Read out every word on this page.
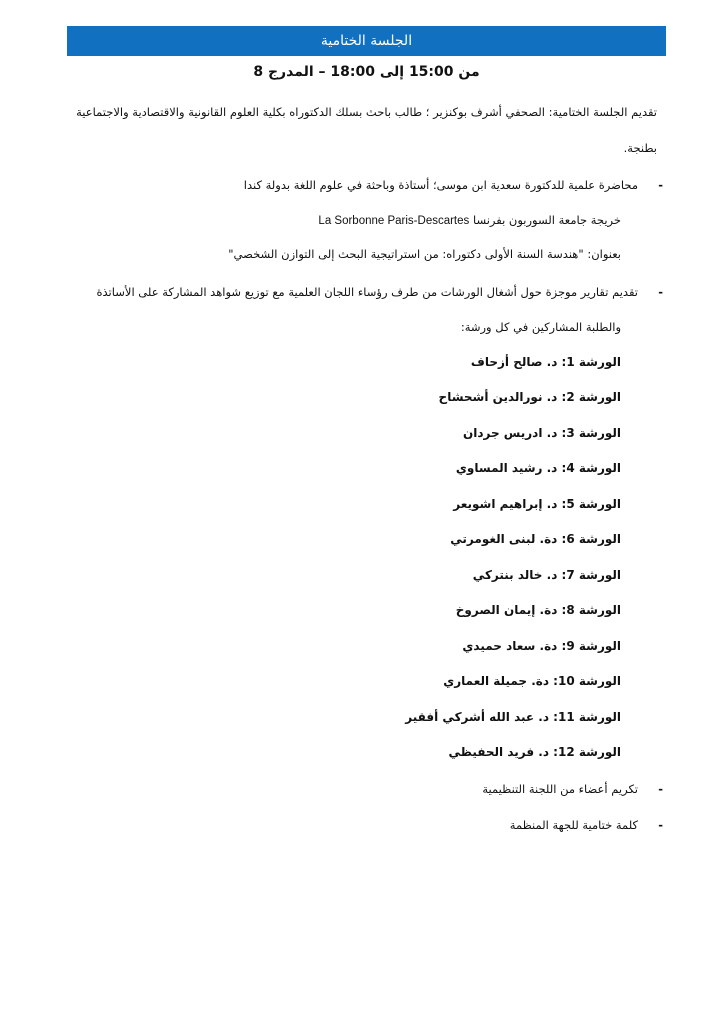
الجلسة الختامية
من 15:00 إلى 18:00 – المدرج 8
تقديم الجلسة الختامية: الصحفي أشرف بوكنزير ؛ طالب باحث بسلك الدكتوراه بكلية العلوم القانونية والاقتصادية والاجتماعية
بطنجة.
-
محاضرة علمية للدكتورة سعدية ابن موسى؛ أستاذة وباحثة في علوم اللغة بدولة كندا
خريجة جامعة السوربون بفرنسا La Sorbonne Paris-Descartes
بعنوان: "هندسة السنة الأولى دكتوراه: من استراتيجية البحث إلى التوازن الشخصي"
-
تقديم تقارير موجزة حول أشغال الورشات من طرف رؤساء اللجان العلمية مع توزيع شواهد المشاركة على الأساتذة
والطلبة المشاركين في كل ورشة:
الورشة 1: د. صالح أزحاف
الورشة 2: د. نورالدين أشحشاح
الورشة 3: د. ادريس جردان
الورشة 4: د. رشيد المساوي
الورشة 5: د. إبراهيم اشويعر
الورشة 6: دة. لبنى الغومرتي
الورشة 7: د. خالد بنتركي
الورشة 8: دة. إيمان الصروخ
الورشة 9: دة. سعاد حميدي
الورشة 10: دة. جميلة العماري
الورشة 11: د. عبد الله أشركي أفقير
الورشة 12: د. فريد الحفيظي
-
تكريم أعضاء من اللجنة التنظيمية
-
كلمة ختامية للجهة المنظمة
